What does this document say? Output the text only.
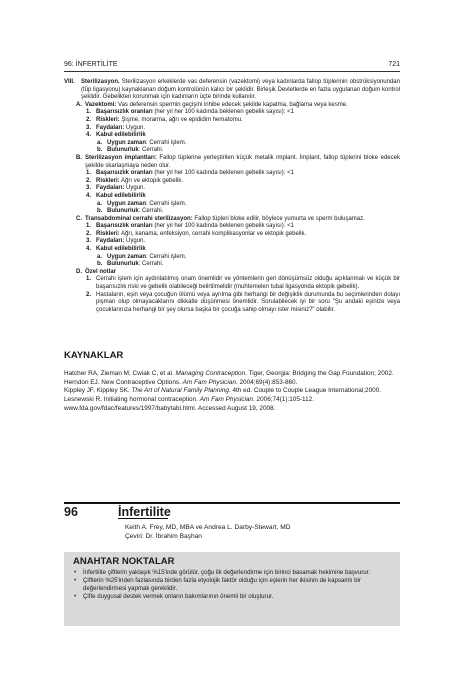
96: İNFERTİLİTE	721
VIII. Sterilizasyon. Sterilizasyon erkeklerde vas deferensin (vazektomi) veya kadınlarda fallop tüplerinin obstrüksiyonundan (tüp ligasyonu) kaynaklanan doğum kontrolünün kalıcı bir şeklidir. Birleşik Devletlerde en fazla uygulanan doğum kontrol şeklidir. Gebelikten korunmak için kadınların üçte birinde kullanılır.
A. Vazektomi: Vas deferensin spermin geçişini inhibe edecek şekilde kapatma, bağlama veya kesme.
1. Başarısızlık oranları (her yıl her 100 kadında beklenen gebelik sayısı): <1
2. Riskleri: Şişme, morarma, ağrı ve epididim hematomu.
3. Faydaları: Uygun.
4. Kabul edilebilirlik
a. Uygun zaman: Cerrahi işlem.
b. Bulunurluk: Cerrahi.
B. Sterilizasyon implantları: Fallop tüplerine yerleştirilen küçük metalik implant. İmplant, fallop tüplerini bloke edecek şekilde skarlaşmaya neden olur.
1. Başarısızlık oranları (her yıl her 100 kadında beklenen gebelik sayısı): <1
2. Riskleri: Ağrı ve ektopik gebelik.
3. Faydaları: Uygun.
4. Kabul edilebilirlik
a. Uygun zaman: Cerrahi işlem.
b. Bulunurluk: Cerrahi.
C. Transabdominal cerrahi sterilizasyon: Fallop tüpleri bloke edilir, böylece yumurta ve sperm buluşamaz.
1. Başarısızlık oranları (her yıl her 100 kadında beklenen gebelik sayısı): <1
2. Riskleri: Ağrı, kanama, enfeksiyon, cerrahi komplikasyonlar ve ektopik gebelik.
3. Faydaları: Uygun.
4. Kabul edilebilirlik
a. Uygun zaman: Cerrahi işlem.
b. Bulunurluk: Cerrahi.
D. Özel notlar
1. Cerrahi işlem için aydınlatılmış onam önemlidir ve yöntemlerin geri dönüşümsüz olduğu açıklanmalı ve küçük bir başarısızlık riski ve gebelik olabileceği belirtilmelidir (muhtemelen tubal ligasyonda ektopik gebelik).
2. Hastaların, eşin veya çocuğun ölümü veya ayrılma gibi herhangi bir değişiklik durumunda bu seçimlerinden dolayı pişman olup olmayacaklarını dikkatle düşünmesi önemlidir. Sorulabilecek iyi bir soru "Şu andaki eşinize veya çocuklarınıza herhangi bir şey olursa başka bir çocuğa sahip olmayı ister misiniz?" olabilir.
KAYNAKLAR
Hatcher RA, Zieman M, Cwiak C, et al. Managing Contraception. Tiger, Georgia: Bridging the Gap Foundation; 2002.
Herndon EJ. New Contraceptive Options. Am Fam Physician. 2004;69(4):853-860.
Kippley JF, Kippley SK. The Art of Natural Family Planning. 4th ed. Couple to Couple League International;2000.
Lesnewski R. Initiating hormonal contraception. Am Fam Physician. 2006;74(1):105-112.
www.fda.gov/fdac/features/1997/babytabl.html. Accessed August 19, 2008.
96	İnfertilite
Keith A. Frey, MD, MBA ve Andrea L. Darby-Stewart, MD
Çeviri: Dr. İbrahim Başhan
ANAHTAR NOKTALAR
• İnfertilite çiftlerin yaklaşık %15'inde görülür, çoğu ilk değerlendirme için birinci basamak hekimine başvurur.
• Çiftlerin %25'inden fazlasında birden fazla etyolojik faktör olduğu için eşlerin her ikisinin de kapsamlı bir değerlendirmesi yapmak gereklidir.
• Çifte duygusal destek vermek onların bakımlarının önemli bir oluşturur.
